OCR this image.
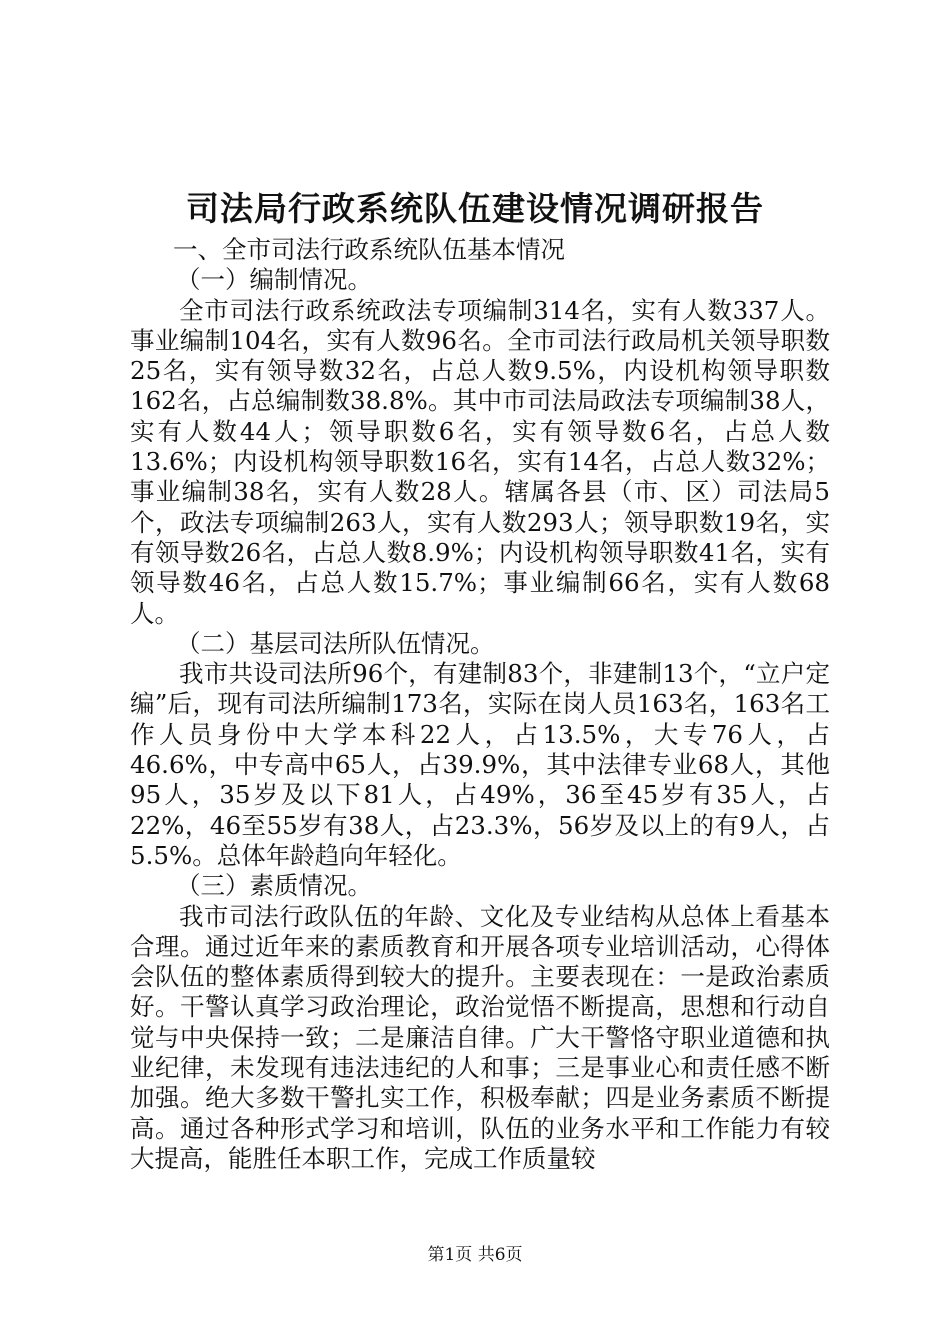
司法局行政系统队伍建设情况调研报告

一、全市司法行政系统队伍基本情况

（一）编制情况。

全市司法行政系统政法专项编制314名，实有人数337人。事业编制104名，实有人数96名。全市司法行政局机关领导职数25名，实有领导数32名，占总人数9.5%，内设机构领导职数162名，占总编制数38.8%。其中市司法局政法专项编制38人，实有人数44人；领导职数6名，实有领导数6名，占总人数13.6%；内设机构领导职数16名，实有14名，占总人数32%；事业编制38名，实有人数28人。辖属各县（市、区）司法局5个，政法专项编制263人，实有人数293人；领导职数19名，实有领导数26名，占总人数8.9%；内设机构领导职数41名，实有领导数46名，占总人数15.7%；事业编制66名，实有人数68人。

（二）基层司法所队伍情况。

我市共设司法所96个，有建制83个，非建制13个，“立户定编”后，现有司法所编制173名，实际在岗人员163名，163名工作人员身份中大学本科22人，占13.5%，大专76人，占46.6%，中专高中65人，占39.9%，其中法律专业68人，其他95人，35岁及以下81人，占49%，36至45岁有35人，占22%，46至55岁有38人，占23.3%，56岁及以上的有9人，占5.5%。总体年龄趋向年轻化。

（三）素质情况。

我市司法行政队伍的年龄、文化及专业结构从总体上看基本合理。通过近年来的素质教育和开展各项专业培训活动，心得体会队伍的整体素质得到较大的提升。主要表现在：一是政治素质好。干警认真学习政治理论，政治觉悟不断提高，思想和行动自觉与中央保持一致；二是廉洁自律。广大干警恪守职业道德和执业纪律，未发现有违法违纪的人和事；三是事业心和责任感不断加强。绝大多数干警扎实工作，积极奉献；四是业务素质不断提高。通过各种形式学习和培训，队伍的业务水平和工作能力有较大提高，能胜任本职工作，完成工作质量较

第1页 共6页
